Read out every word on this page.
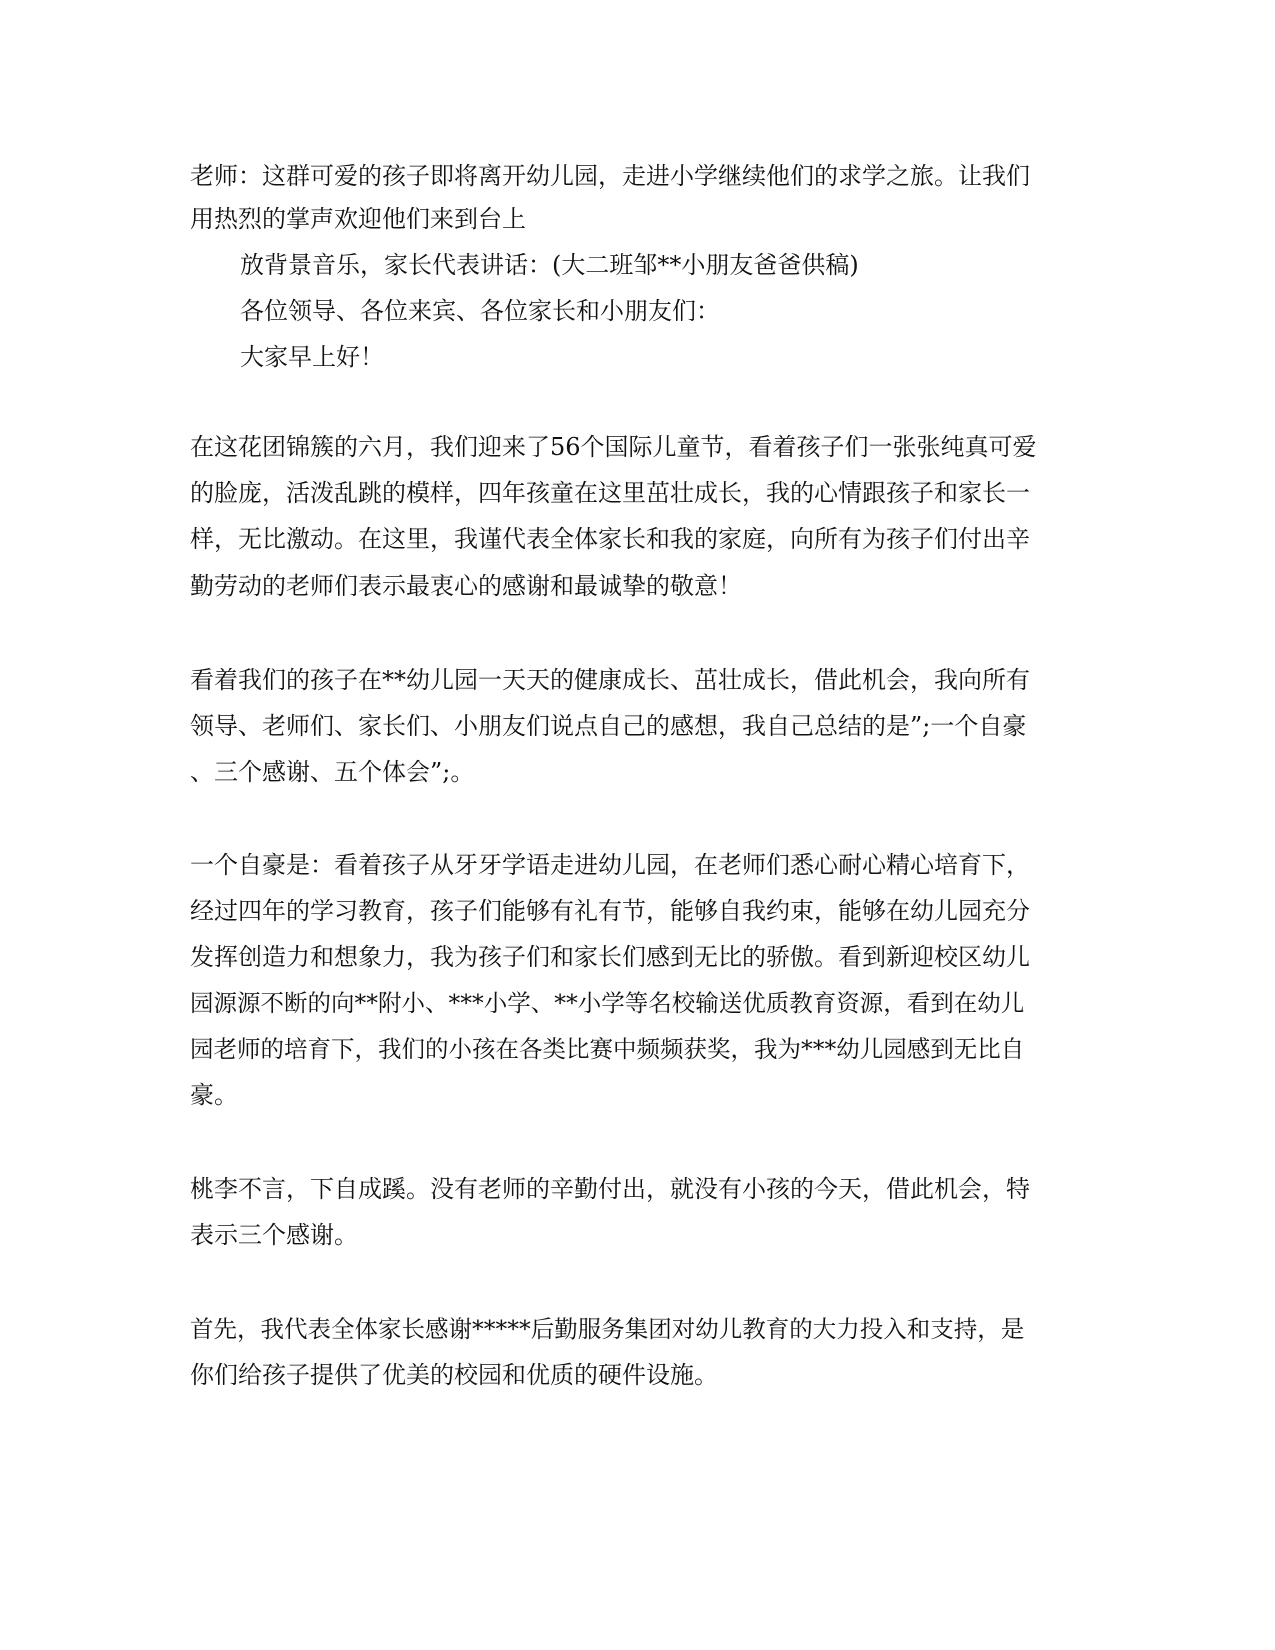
老师：这群可爱的孩子即将离开幼儿园，走进小学继续他们的求学之旅。让我们
用热烈的掌声欢迎他们来到台上
放背景音乐，家长代表讲话：(大二班邹**小朋友爸爸供稿)
各位领导、各位来宾、各位家长和小朋友们：
大家早上好！
在这花团锦簇的六月，我们迎来了56个国际儿童节，看着孩子们一张张纯真可爱
的脸庞，活泼乱跳的模样，四年孩童在这里茁壮成长，我的心情跟孩子和家长一
样，无比激动。在这里，我谨代表全体家长和我的家庭，向所有为孩子们付出辛
勤劳动的老师们表示最衷心的感谢和最诚挚的敬意！
看着我们的孩子在**幼儿园一天天的健康成长、茁壮成长，借此机会，我向所有
领导、老师们、家长们、小朋友们说点自己的感想，我自己总结的是”;一个自豪
、三个感谢、五个体会”;。
一个自豪是：看着孩子从牙牙学语走进幼儿园，在老师们悉心耐心精心培育下，
经过四年的学习教育，孩子们能够有礼有节，能够自我约束，能够在幼儿园充分
发挥创造力和想象力，我为孩子们和家长们感到无比的骄傲。看到新迎校区幼儿
园源源不断的向**附小、***小学、**小学等名校输送优质教育资源，看到在幼儿
园老师的培育下，我们的小孩在各类比赛中频频获奖，我为***幼儿园感到无比自
豪。
桃李不言，下自成蹊。没有老师的辛勤付出，就没有小孩的今天，借此机会，特
表示三个感谢。
首先，我代表全体家长感谢*****后勤服务集团对幼儿教育的大力投入和支持，是
你们给孩子提供了优美的校园和优质的硬件设施。
